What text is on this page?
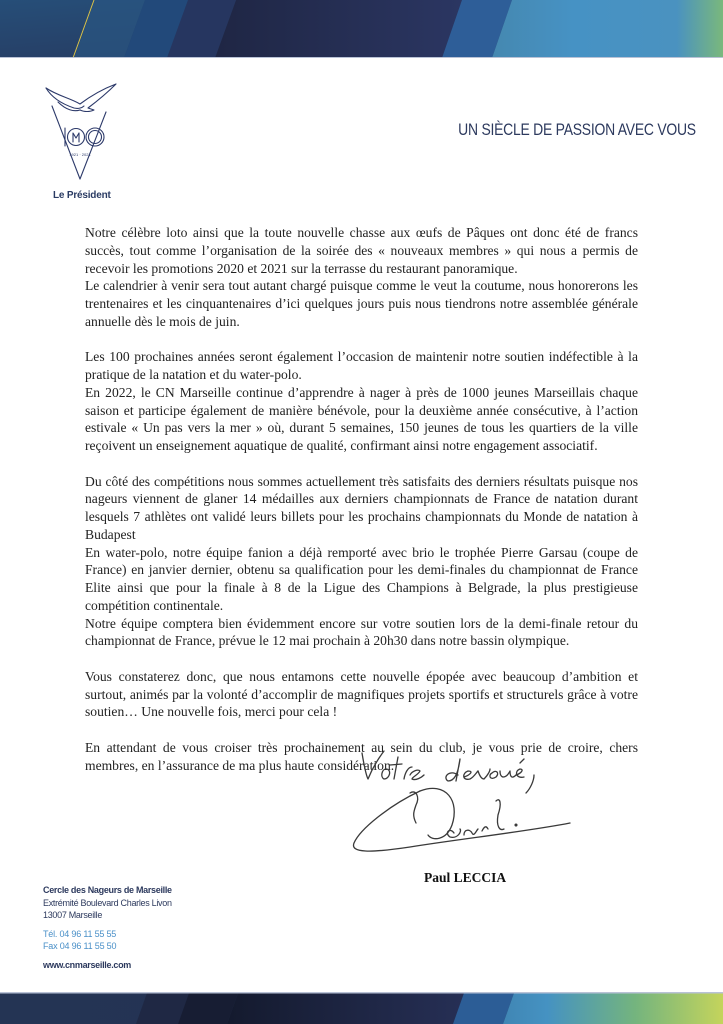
1921 · 2021
Le Président
UN SIÈCLE DE PASSION AVEC VOUS

Notre célèbre loto ainsi que la toute nouvelle chasse aux œufs de Pâques ont donc été de francs succès, tout comme l’organisation de la soirée des « nouveaux membres » qui nous a permis de recevoir les promotions 2020 et 2021 sur la terrasse du restaurant panoramique.

Le calendrier à venir sera tout autant chargé puisque comme le veut la coutume, nous honorerons les trentenaires et les cinquantenaires d’ici quelques jours puis nous tiendrons notre assemblée générale annuelle dès le mois de juin.

Les 100 prochaines années seront également l’occasion de maintenir notre soutien indéfectible à la pratique de la natation et du water-polo.

En 2022, le CN Marseille continue d’apprendre à nager à près de 1000 jeunes Marseillais chaque saison et participe également de manière bénévole, pour la deuxième année consécutive, à l’action estivale « Un pas vers la mer » où, durant 5 semaines, 150 jeunes de tous les quartiers de la ville reçoivent un enseignement aquatique de qualité, confirmant ainsi notre engagement associatif.

Du côté des compétitions nous sommes actuellement très satisfaits des derniers résultats puisque nos nageurs viennent de glaner 14 médailles aux derniers championnats de France de natation durant lesquels 7 athlètes ont validé leurs billets pour les prochains championnats du Monde de natation à Budapest

En water-polo, notre équipe fanion a déjà remporté avec brio le trophée Pierre Garsau (coupe de France) en janvier dernier, obtenu sa qualification pour les demi-finales du championnat de France Elite ainsi que pour la finale à 8 de la Ligue des Champions à Belgrade, la plus prestigieuse compétition continentale.

Notre équipe comptera bien évidemment encore sur votre soutien lors de la demi-finale retour du championnat de France, prévue le 12 mai prochain à 20h30 dans notre bassin olympique.

Vous constaterez donc, que nous entamons cette nouvelle épopée avec beaucoup d’ambition et surtout, animés par la volonté d’accomplir de magnifiques projets sportifs et structurels grâce à votre soutien… Une nouvelle fois, merci pour cela !

En attendant de vous croiser très prochainement au sein du club, je vous prie de croire, chers membres, en l’assurance de ma plus haute considération.

Paul LECCIA
Cercle des Nageurs de Marseille
Extrémité Boulevard Charles Livon
13007 Marseille
Tél. 04 96 11 55 55
Fax 04 96 11 55 50
www.cnmarseille.com
